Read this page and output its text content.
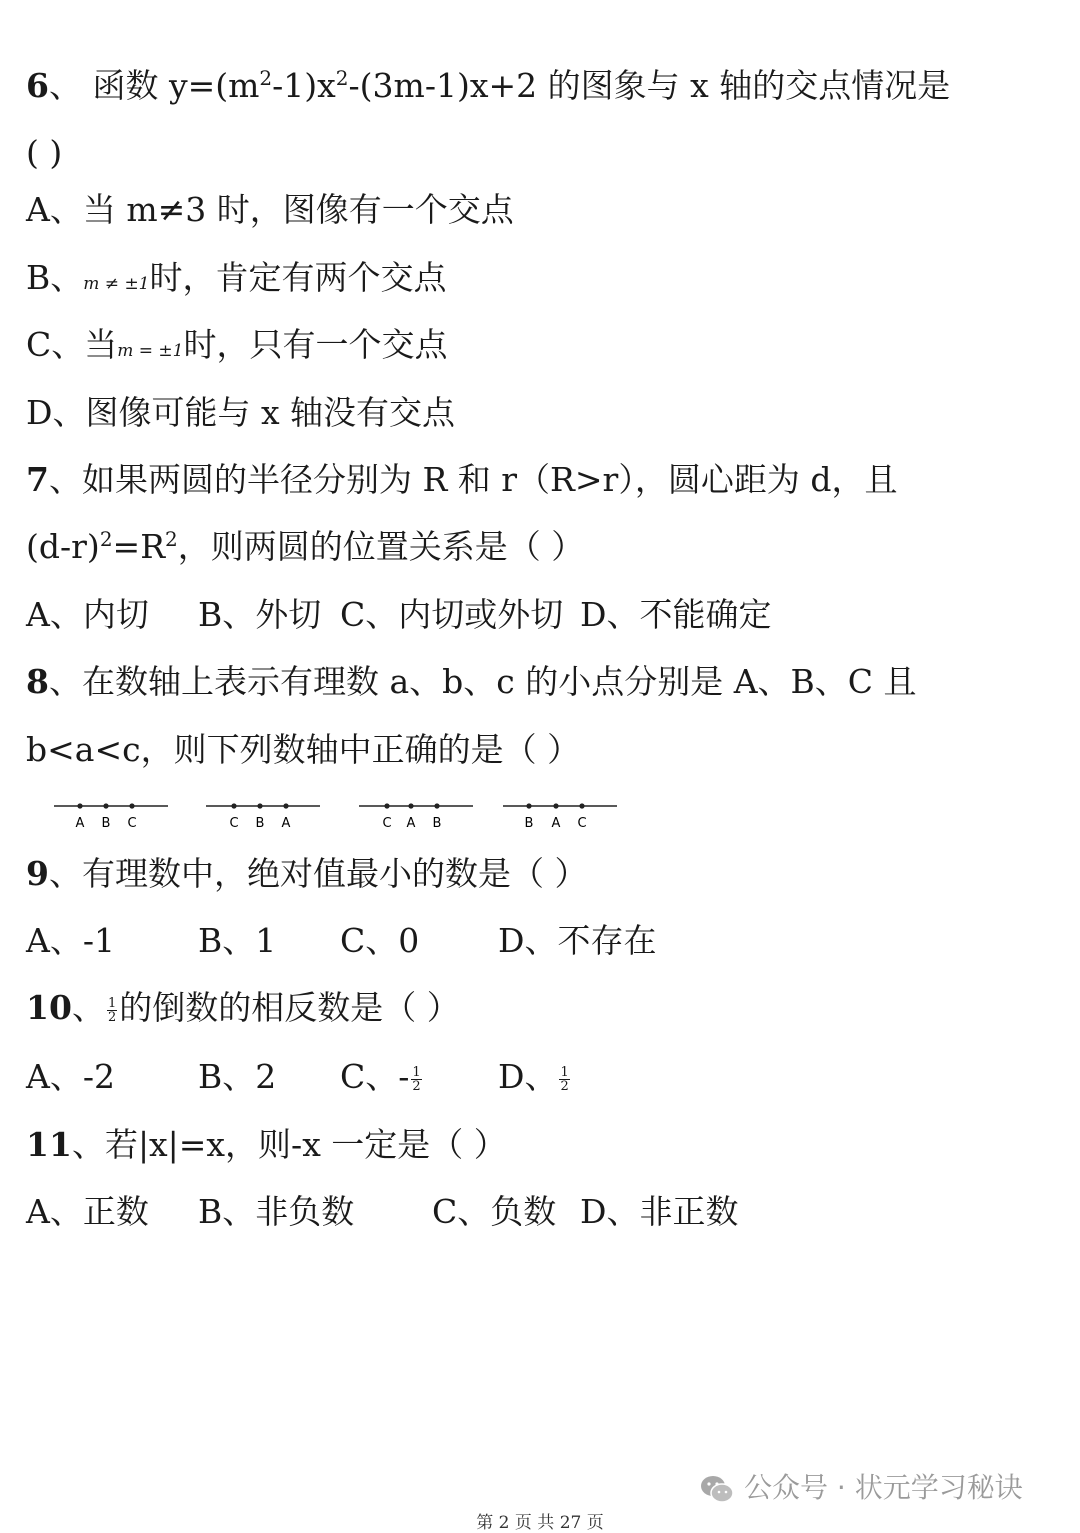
6、 函数 $y=(m^2-1)x^2-(3m-1)x+2$ 的图象与 x 轴的交点情况是
( )
A、当 m≠3 时，图像有一个交点
B、m ≠ ±1时，肯定有两个交点
C、当m = ±1时，只有一个交点
D、图像可能与 x 轴没有交点
7、如果两圆的半径分别为 R 和 r（R>r），圆心距为 d，且
$(d-r)^2=R^2$，则两圆的位置关系是（ ）
A、内切 B、外切 C、内切或外切 D、不能确定
8、在数轴上表示有理数 a、b、c 的小点分别是 A、B、C 且
b<a<c，则下列数轴中正确的是（ ）
A B C	C B A	C A B	B A C
9、有理数中，绝对值最小的数是（ ）
A、-1	B、1 C、0 D、不存在
10、 $\frac{1}{2}$ 的倒数的相反数是（ ）
A、-2	B、2 C、- $\frac{1}{2}$ D、 $\frac{1}{2}$
11、若|x|=x，则-x 一定是（ ）
A、正数 B、非负数 C、负数 D、非正数
公众号 · 状元学习秘诀
第 2 页 共 27 页
